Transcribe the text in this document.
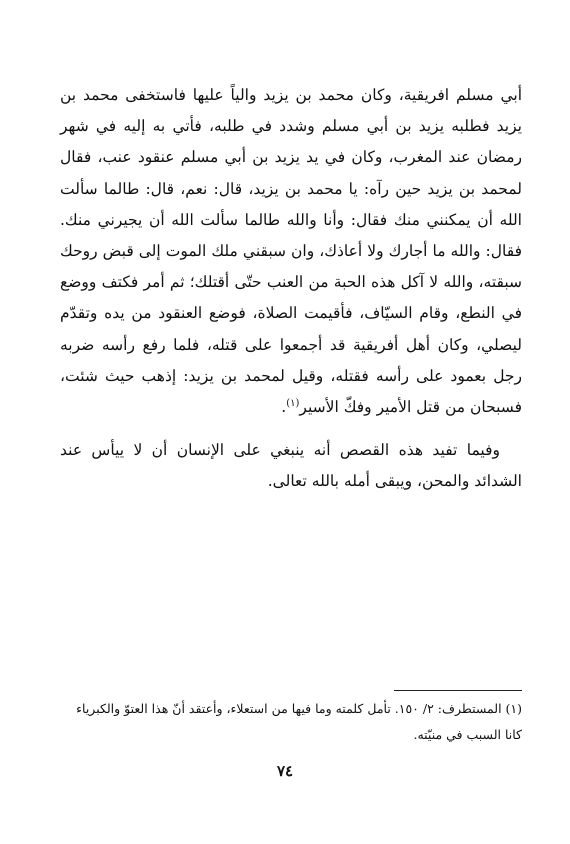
أبي مسلم افريقية، وكان محمد بن يزيد والياً عليها فاستخفى محمد بن يزيد فطلبه يزيد بن أبي مسلم وشدد في طلبه، فأتي به إليه في شهر رمضان عند المغرب، وكان في يد يزيد بن أبي مسلم عنقود عنب، فقال لمحمد بن يزيد حين رآه: يا محمد بن يزيد، قال: نعم، قال: طالما سألت الله أن يمكنني منك فقال: وأنا والله طالما سألت الله أن يجيرني منك. فقال: والله ما أجارك ولا أعاذك، وان سبقني ملك الموت إلى قبض روحك سبقته، والله لا آكل هذه الحبة من العنب حتّى أقتلك؛ ثم أمر فكتف ووضع في النطع، وقام السيّاف، فأقيمت الصلاة، فوضع العنقود من يده وتقدّم ليصلي، وكان أهل أفريقية قد أجمعوا على قتله، فلما رفع رأسه ضربه رجل بعمود على رأسه فقتله، وقيل لمحمد بن يزيد: إذهب حيث شئت، فسبحان من قتل الأمير وفكّ الأسير$^{(١)}$.

وفيما تفيد هذه القصص أنه ينبغي على الإنسان أن لا ييأس عند الشدائد والمحن، ويبقى أمله بالله تعالى.

(١) المستطرف: ٢/ ١٥٠. تأمل كلمته وما فيها من استعلاء، وأعتقد أنّ هذا العتوّ والكبرياء كانا السبب في منيّته.

٧٤
